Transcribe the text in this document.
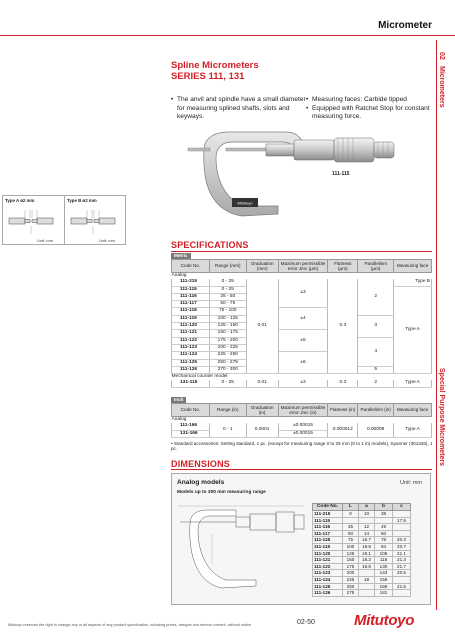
Micrometer
02
Micrometers
Special Purpose Micrometers
Spline Micrometers
SERIES 111, 131
• The anvil and spindle have a small diameter
for measuring splined shafts, slots and
keyways.
• Measuring faces: Carbide tipped
• Equipped with Ratchet Stop for constant
measuring force.
Mitutoyo
111-115
Type A ø2 mm	Type B ø2 mm
Unit: mm	Unit: mm	SPECIFICATIONS
Metric
Code No.	Range (mm)	Graduation (mm)	Maximum permissible error Jmc (µm)	Flatness (µm)	Parallelism (µm)	Measuring face
Analog						
111-215	0 - 25	0.01	±3	0.3	2	Type B
111-115	0 - 25					Type A
111-116	25 - 50					
111-117	50 - 75					
111-118	75 - 100		±4			
111-119	100 - 125				3	
111-120	125 - 150					
111-121	150 - 175		±5			
111-122	175 - 200				4	
111-123	200 - 225					
111-124	225 - 250		±6			
111-125	250 - 275					
111-126	270 - 300				5	
Mechanical counter model						
131-115	0 - 25	0.01	±3	0.3	2	Type A
Inch
Code No.	Range (in)	Graduation (in)	Maximum permissible error Jmc (in)	Flatness (in)	Parallelism (in)	Measuring face
Analog						
111-166	0 - 1	0.0001	±0.00015	0.000012	0.00008	Type A
131-166			±0.00015			
• Standard accessories: Setting standard, 1 pc. (except for measuring range 0 to 25 mm (0 to 1 in) models), Spanner (301336), 1 pc.
DIMENSIONS
Analog models
Models up to 300 mm measuring range
Unit: mm
Code No.	L	a	b	c
111-215	0	10	38	
111-115				17.5
111-116	25	12	49	
111-117	50	14	60	
111-118	75	16.7	79	20.3
111-119	100	18.6	94	20.7
111-120	125	19.1	106	21.1
111-121	150	18.2	118	21.3
111-122	175	16.8	130	21.7
111-123	200		143	20.5
111-124	225	18	156	
111-125	250		169	21.5
111-126	275		181	
Mitutoyo reserves the right to change any or all aspects of any product specification, including prices, designs and service content, without notice.	02-50	Mitutoyo
